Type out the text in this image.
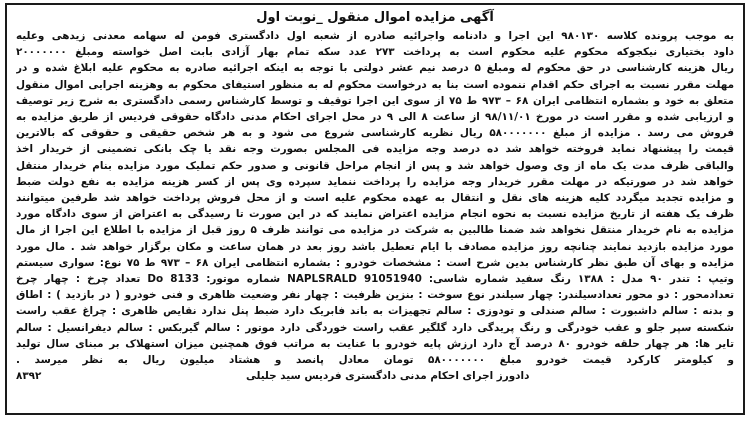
آگهی مزایده اموال منقول _نوبت اول
به موجب پرونده کلاسه ۹۸۰۱۳۰ این اجرا و دادنامه واجرائیه صادره از شعبه اول دادگستری فومن له سهامه معدنی زیدهی وعلیه
داود بختیاری نیکجوکه محکوم علیه محکوم است به پرداخت ۲۷۳ عدد سکه تمام بهار آزادی بابت اصل خواسته ومبلغ ۲۰۰۰۰۰۰۰
ریال هزینه کارشناسی در حق محکوم له ومبلغ ۵ درصد نیم عشر دولتی با توجه به اینکه اجرائیه صادره به محکوم علیه ابلاغ شده و در
مهلت مقرر نسبت به اجرای حکم اقدام ننموده است بنا به درخواست محکوم له به منظور استیفای محکوم به وهزینه اجرایی اموال منقول
متعلق به خود و بشماره انتظامی ایران ۶۸ – ۹۷۳ ط ۷۵ از سوی این اجرا توقیف و توسط کارشناس رسمی دادگستری به شرح زیر توصیف
و ارزیابی شده و مقرر است در مورخ ۹۸/۱۱/۰۱ از ساعت ۸ الی ۹ در محل اجرای احکام مدنی دادگاه حقوقی فردیس از طریق مزایده به
فروش می رسد . مزایده از مبلغ ۵۸۰۰۰۰۰۰۰ ریال نظریه کارشناسی شروع می شود و به هر شخص حقیقی و حقوقی که بالاترین
قیمت را پیشنهاد نماید فروخته خواهد شد ده درصد وجه مزایده فی المجلس بصورت وجه نقد یا چک بانکی تضمینی از خریدار اخذ
والباقی ظرف مدت یک ماه از وی وصول خواهد شد و پس از انجام مراحل قانونی و صدور حکم تملیک مورد مزایده بنام خریدار منتقل
خواهد شد در صورتیکه در مهلت مقرر خریدار وجه مزایده را پرداخت ننماید سپرده وی پس از کسر هزینه مزایده به نفع دولت ضبط
و مزایده تجدید میگردد کلیه هزینه های نقل و انتقال به عهده محکوم علیه است و از محل فروش پرداخت خواهد شد طرفین میتوانند
ظرف یک هفته از تاریخ مزایده نسبت به نحوه انجام مزایده اعتراض نمایند که در این صورت تا رسیدگی به اعتراض از سوی دادگاه مورد
مزایده به نام خریدار منتقل نخواهد شد ضمنا طالبین به شرکت در مزایده می توانند ظرف ۵ روز قبل از مزایده با اطلاع این اجرا از مال
مورد مزایده بازدید نمایند چنانچه روز مزایده مصادف با ایام تعطیل باشد روز بعد در همان ساعت و مکان برگزار خواهد شد . مال مورد
مزایده و بهای آن طبق نظر کارشناس بدین شرح است : مشخصات خودرو : بشماره انتظامی ایران ۶۸ – ۹۷۳ ط ۷۵ نوع: سواری سیستم
وتیپ : تندر ۹۰ مدل : ۱۳۸۸ رنگ سفید شماره شاسی: NAPLSRALD 91051940 شماره موتور: Do 8133 تعداد چرخ : چهار چرخ
تعدادمحور : دو محور تعدادسیلندر: چهار سیلندر نوع سوخت : بنزین ظرفیت : چهار نفر وضعیت ظاهری و فنی خودرو ( در بازدید ) : اطاق
و بدنه : سالم داشبورت : سالم صندلی و تودوزی : سالم تجهیزات به باند فابریک دارد ضبط پنل ندارد نقایص ظاهری : چراغ عقب راست
شکسته سپر جلو و عقب خودرگی و رنگ پریدگی دارد گلگیر عقب راست خوردگی دارد موتور : سالم گیربکس : سالم دیفرانسیل : سالم
تایر ها: هر چهار حلقه خودرو ۸۰ درصد آج دارد ارزش پایه خودرو با عنایت به مراتب فوق همچنین میزان استهلاک بر مبنای سال تولید
و کیلومتر کارکرد قیمت خودرو مبلغ ۵۸۰۰۰۰۰۰۰ تومان معادل پانصد و هشتاد میلیون ریال به نظر میرسد .
دادورز اجرای احکام مدنی دادگستری فردیس سید جلیلی
۸۳۹۲
